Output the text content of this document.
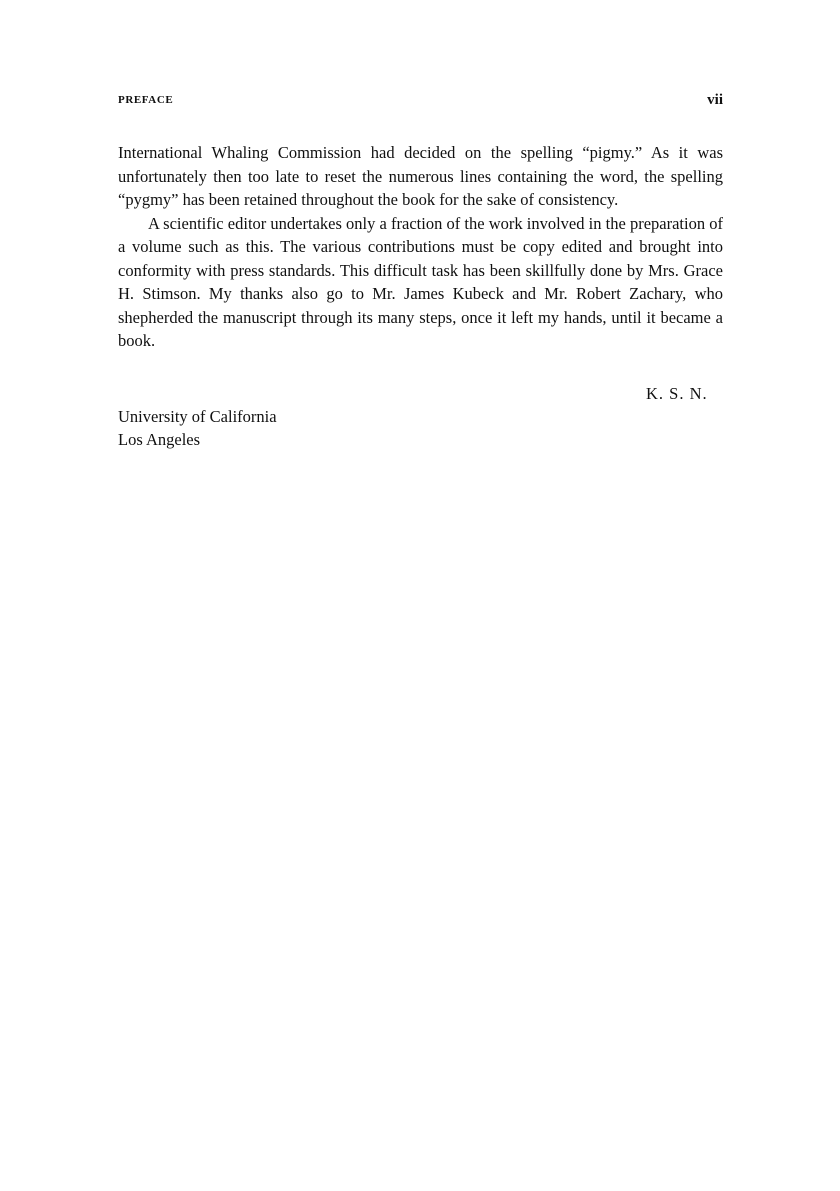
PREFACE	vii

International Whaling Commission had decided on the spelling “pigmy.” As it was unfortunately then too late to reset the numerous lines containing the word, the spelling “pygmy” has been retained throughout the book for the sake of consistency.

A scientific editor undertakes only a fraction of the work involved in the preparation of a volume such as this. The various contributions must be copy edited and brought into conformity with press standards. This difficult task has been skillfully done by Mrs. Grace H. Stimson. My thanks also go to Mr. James Kubeck and Mr. Robert Zachary, who shepherded the manuscript through its many steps, once it left my hands, until it became a book.

K. S. N.
University of California
Los Angeles
